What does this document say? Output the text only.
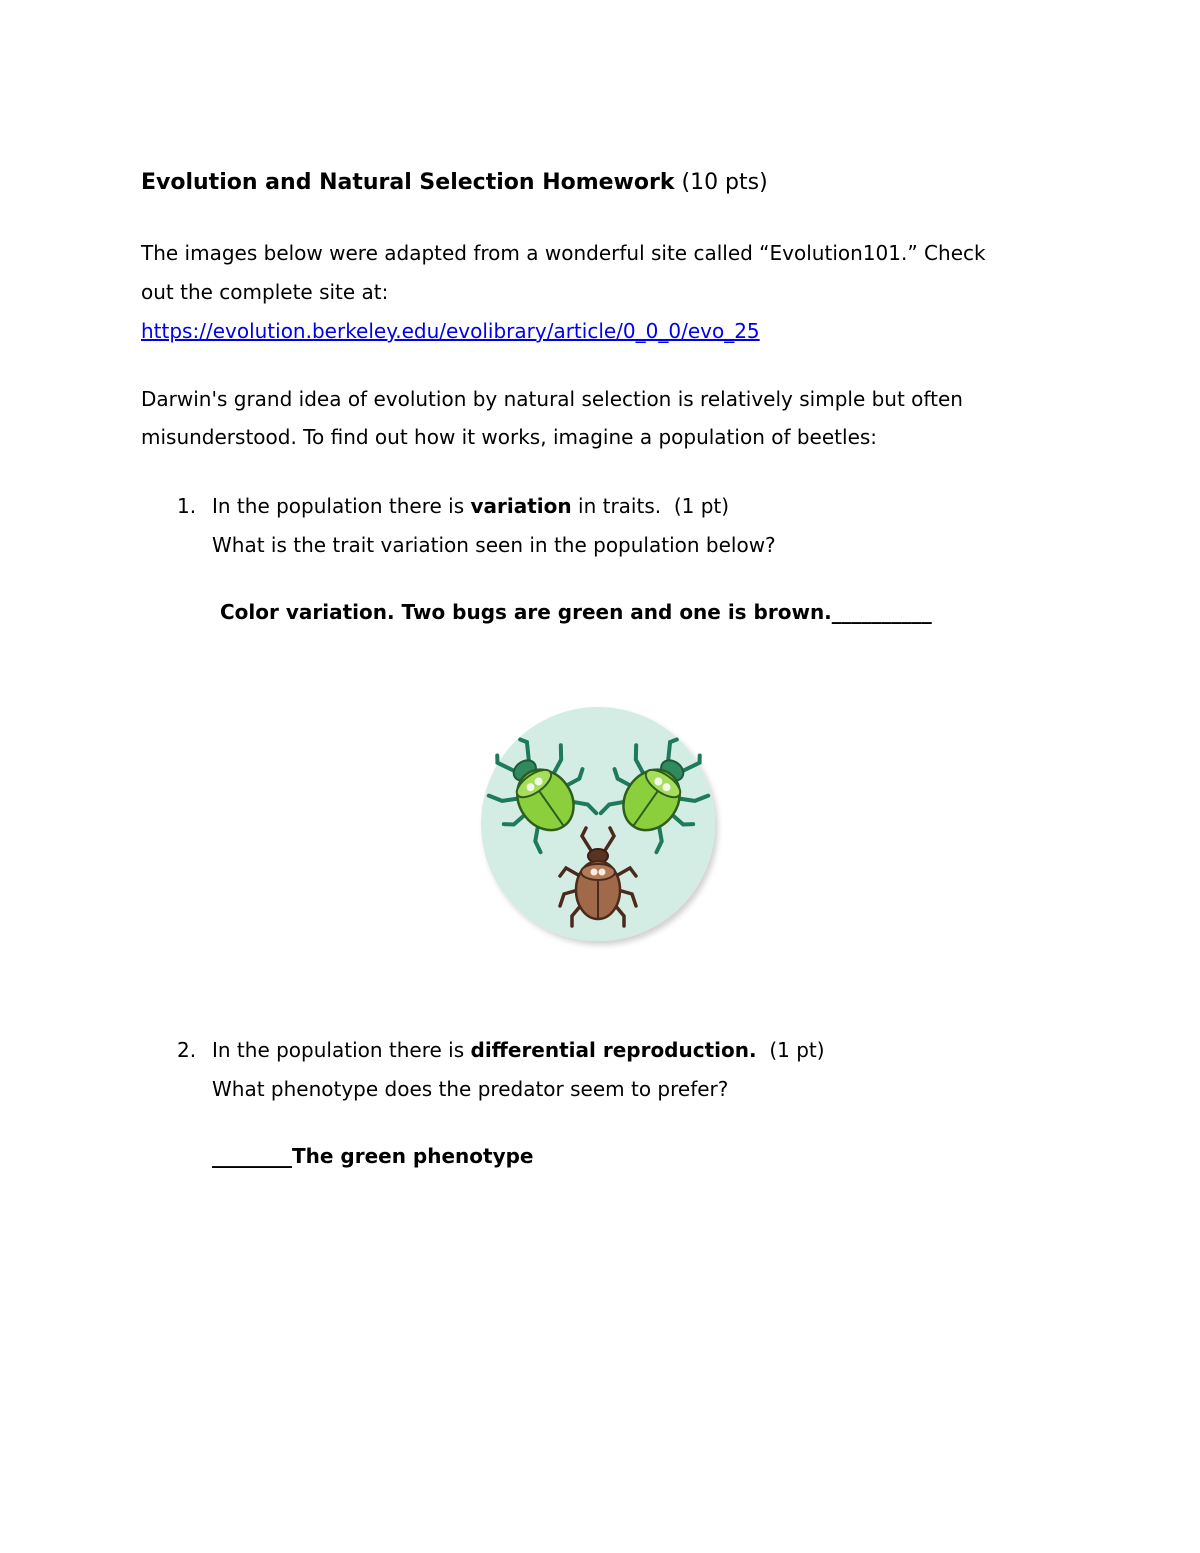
Evolution and Natural Selection Homework (10 pts)
The images below were adapted from a wonderful site called “Evolution101.” Check
out the complete site at:
https://evolution.berkeley.edu/evolibrary/article/0_0_0/evo_25
Darwin's grand idea of evolution by natural selection is relatively simple but often
misunderstood. To find out how it works, imagine a population of beetles:
1. In the population there is variation in traits. (1 pt)
What is the trait variation seen in the population below?
Color variation. Two bugs are green and one is brown.__________
2. In the population there is differential reproduction. (1 pt)
What phenotype does the predator seem to prefer?
________The green phenotype
